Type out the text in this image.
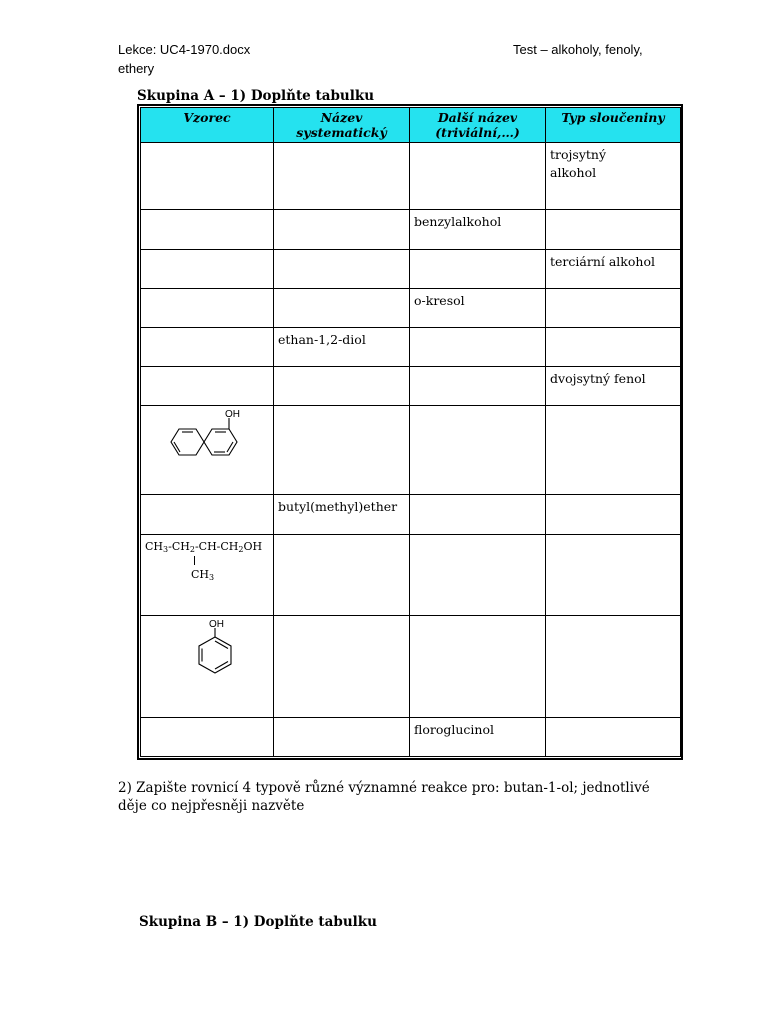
Lekce: UC4-1970.docx	Test – alkoholy, fenoly,
ethery
Skupina A – 1) Doplňte tabulku
Vzorec	Název systematický	Další název (triviální,…)	Typ sloučeniny

			trojsytný alkohol

		benzylalkohol	

			terciární alkohol

		o-kresol	

	ethan-1,2-diol		

			dvojsytný fenol

OH			

	butyl(methyl)ether		

$CH_3-CH_2-CH-CH_2OH$

$CH_3$

OH			

		floroglucinol	

2) Zapište rovnicí 4 typově různé významné reakce pro: butan-1-ol; jednotlivé děje co nejpřesněji nazvěte
Skupina B – 1) Doplňte tabulku
